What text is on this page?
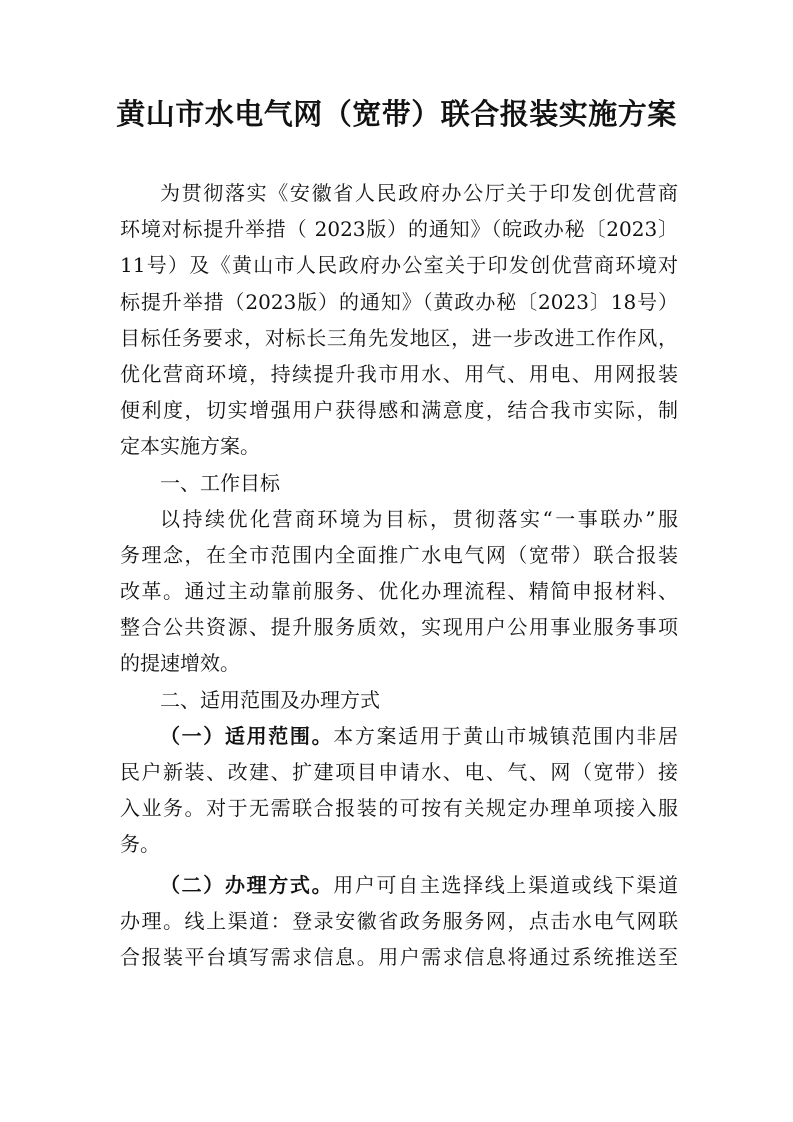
黄山市水电气网（宽带）联合报装实施方案
为贯彻落实《安徽省人民政府办公厅关于印发创优营商
环境对标提升举措（ 2023版）的通知》（皖政办秘〔2023〕
11号）及《黄山市人民政府办公室关于印发创优营商环境对
标提升举措（2023版）的通知》（黄政办秘〔2023〕18号）
目标任务要求，对标长三角先发地区，进一步改进工作作风，
优化营商环境，持续提升我市用水、用气、用电、用网报装
便利度，切实增强用户获得感和满意度，结合我市实际，制
定本实施方案。
一、工作目标
以持续优化营商环境为目标，贯彻落实“一事联办”服
务理念，在全市范围内全面推广水电气网（宽带）联合报装
改革。通过主动靠前服务、优化办理流程、精简申报材料、
整合公共资源、提升服务质效，实现用户公用事业服务事项
的提速增效。
二、适用范围及办理方式
（一）适用范围。本方案适用于黄山市城镇范围内非居
民户新装、改建、扩建项目申请水、电、气、网（宽带）接
入业务。对于无需联合报装的可按有关规定办理单项接入服
务。
（二）办理方式。用户可自主选择线上渠道或线下渠道
办理。线上渠道：登录安徽省政务服务网，点击水电气网联
合报装平台填写需求信息。用户需求信息将通过系统推送至
